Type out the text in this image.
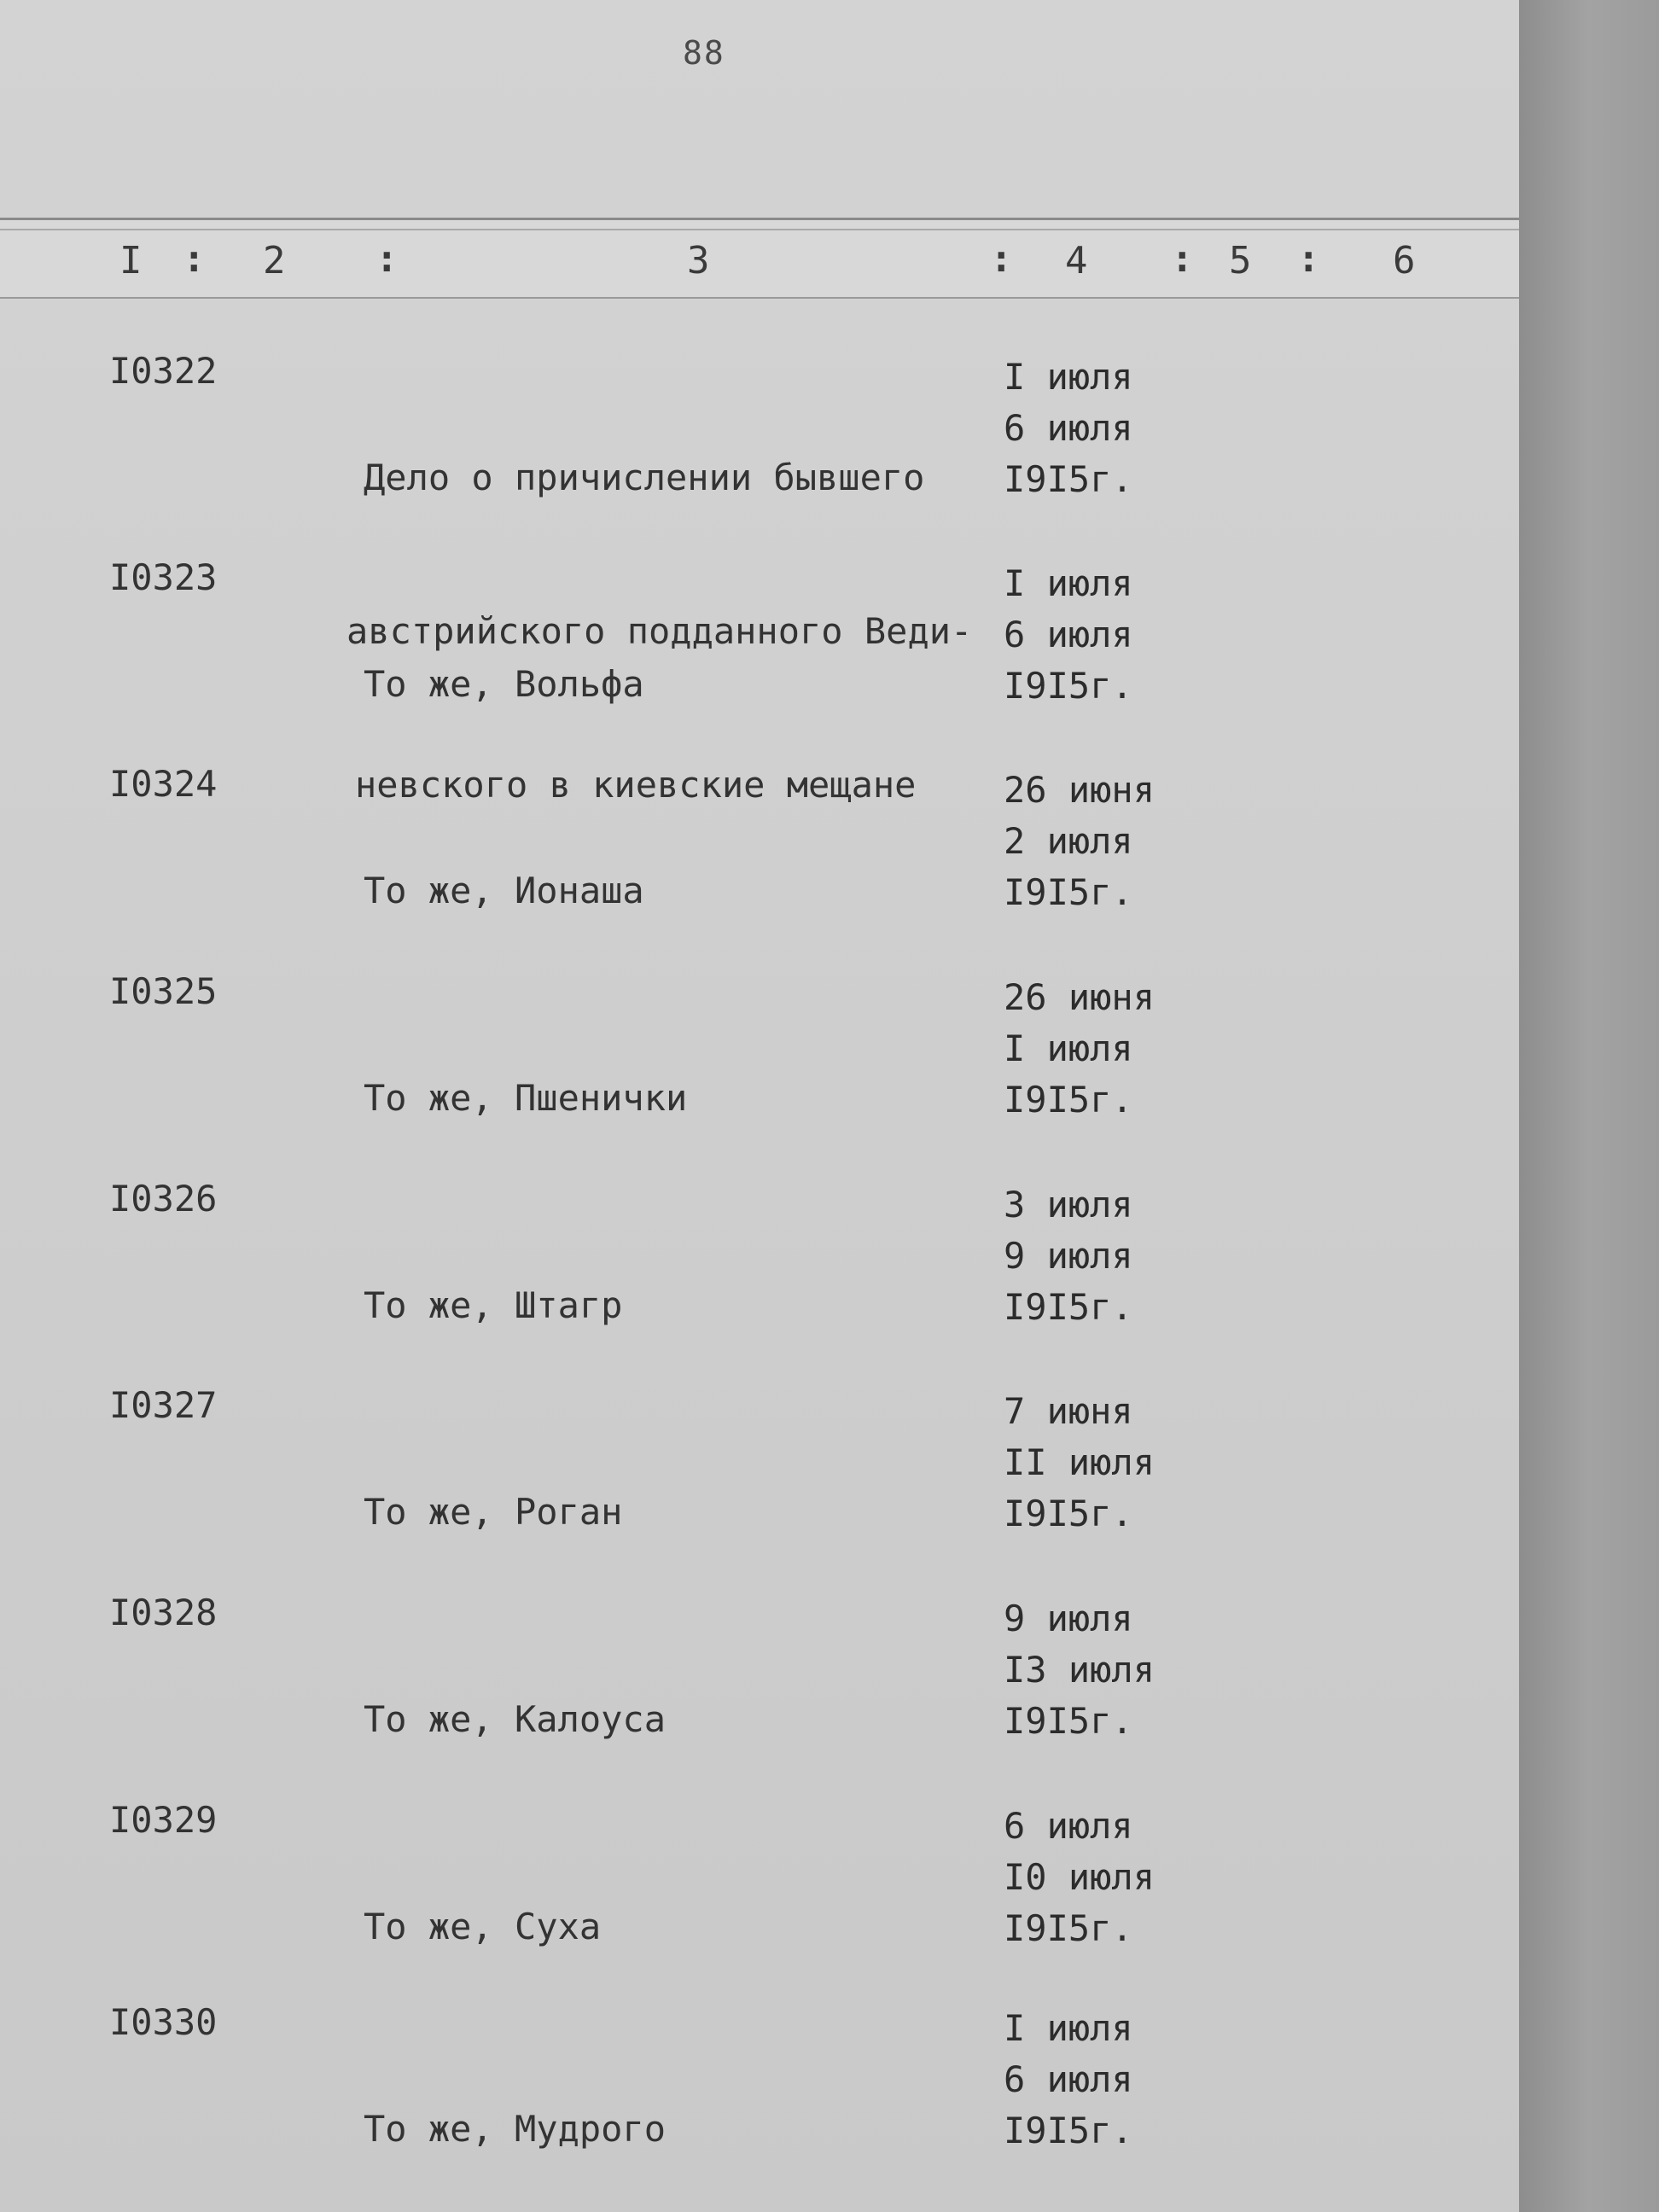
88
I : 2 :	3	: 4 : 5 : 6
I0322

Дело о причислении бывшего

австрийского подданного Веди-

невского в киевские мещане

I июля
6 июля
I9I5г.
I0323

То же, Вольфа

I июля
6 июля
I9I5г.
I0324

То же, Ионаша

26 июня
2 июля
I9I5г.
I0325

То же, Пшенички

26 июня
I июля
I9I5г.
I0326

То же, Штагр

3 июля
9 июля
I9I5г.
I0327

То же, Роган

7 июня
II июля
I9I5г.
I0328

То же, Калоуса

9 июля
I3 июля
I9I5г.
I0329

То же, Суха

6 июля
I0 июля
I9I5г.
I0330

То же, Мудрого

I июля
6 июля
I9I5г.
